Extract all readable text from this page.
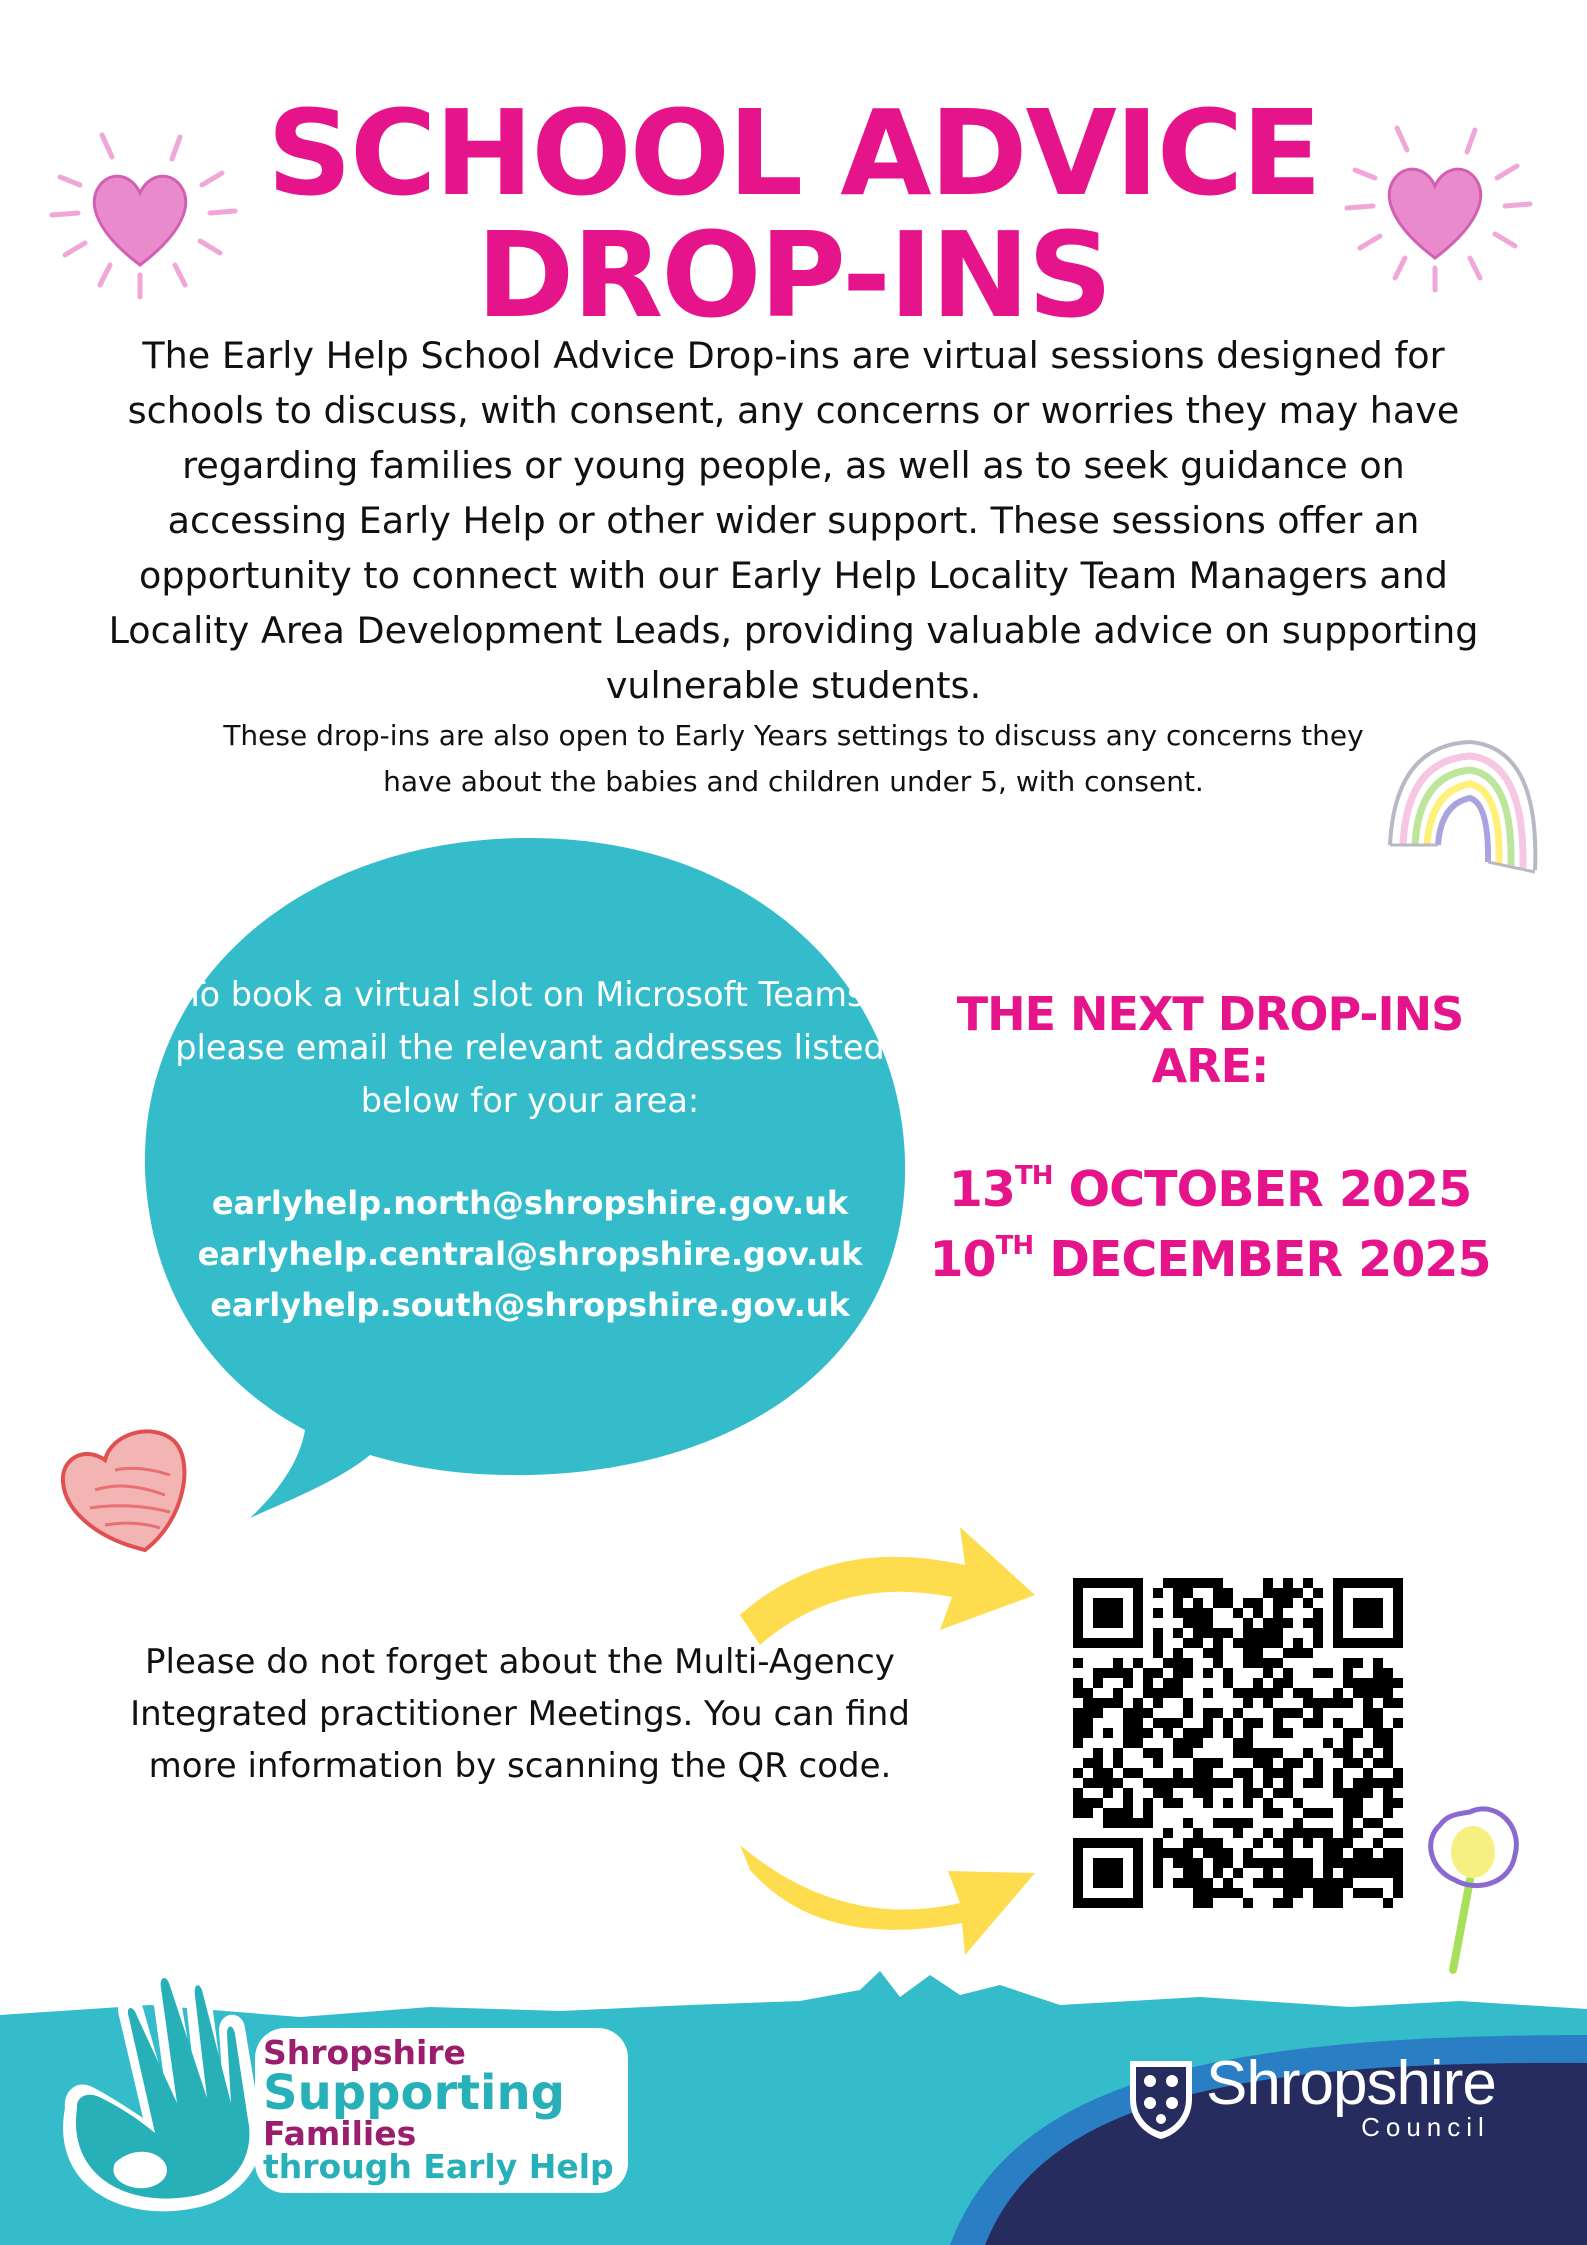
SCHOOL ADVICE
DROP-INS
The Early Help School Advice Drop-ins are virtual sessions designed for schools to discuss, with consent, any concerns or worries they may have regarding families or young people, as well as to seek guidance on accessing Early Help or other wider support. These sessions offer an opportunity to connect with our Early Help Locality Team Managers and Locality Area Development Leads, providing valuable advice on supporting vulnerable students.
These drop-ins are also open to Early Years settings to discuss any concerns they have about the babies and children under 5, with consent.
To book a virtual slot on Microsoft Teams, please email the relevant addresses listed below for your area:
earlyhelp.north@shropshire.gov.uk
earlyhelp.central@shropshire.gov.uk
earlyhelp.south@shropshire.gov.uk
THE NEXT DROP-INS
ARE:
13TH OCTOBER 2025
10TH DECEMBER 2025
Please do not forget about the Multi-Agency Integrated practitioner Meetings. You can find more information by scanning the QR code.
Shropshire
Supporting
Families
through Early Help
Shropshire
Council
